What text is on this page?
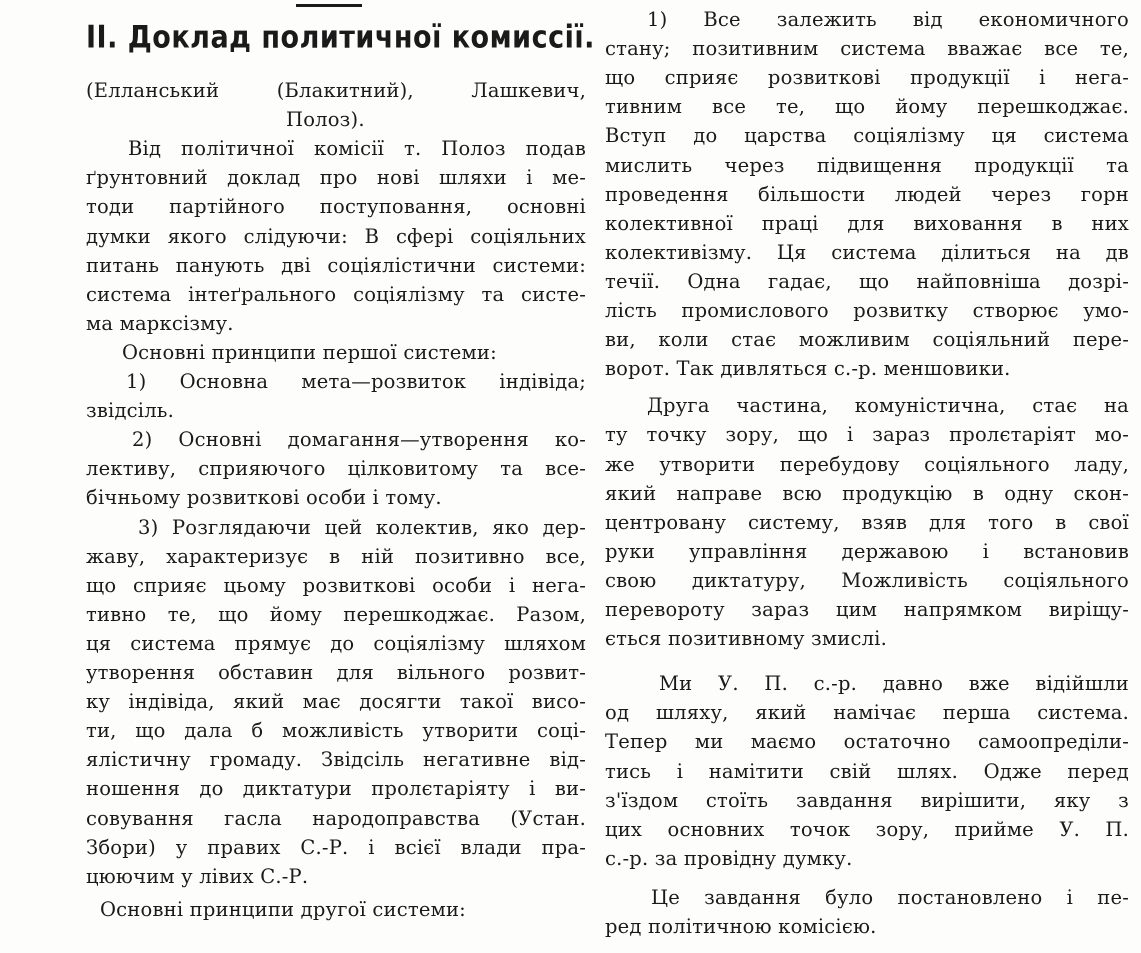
II. Доклад политичної комиссії.
(Елланський (Блакитний), Лашкевич,
Полоз).
Від політичної комісії т. Полоз подав
ґрунтовний доклад про нові шляхи і ме-
тоди партійного поступовання, основні
думки якого слідуючи: В сфері соціяльних
питань панують дві соціялістични системи:
система інтеґрального соціялізму та систе-
ма марксізму.
Основні принципи першої системи:
1) Основна мета—розвиток індівіда;
звідсіль.
2) Основні домагання—утворення ко-
лективу, сприяючого цілковитому та все-
бічньому розвиткові особи і тому.
3) Розглядаючи цей колектив, яко дер-
жаву, характеризує в ній позитивно все,
що сприяє цьому розвиткові особи і нега-
тивно те, що йому перешкоджає. Разом,
ця система прямує до соціялізму шляхом
утворення обставин для вільного розвит-
ку індівіда, який має досягти такої висо-
ти, що дала б можливість утворити соці-
ялістичну громаду. Звідсіль негативне від-
ношення до диктатури пролєтаріяту і ви-
совування гасла народоправства (Устан.
Збори) у правих С.-Р. і всієї влади пра-
цюючим у лівих С.-Р.
Основні принципи другої системи:
1) Все залежить від економичного
стану; позитивним система вважає все те,
що сприяє розвиткові продукції і нега-
тивним все те, що йому перешкоджає.
Вступ до царства соціялізму ця система
мислить через підвищення продукції та
проведення більшости людей через горн
колективної праці для виховання в них
колективізму. Ця система ділиться на дв
течії. Одна гадає, що найповніша дозрі-
лість промислового розвитку створює умо-
ви, коли стає можливим соціяльний пере-
ворот. Так дивляться с.-р. меншовики.
Друга частина, комуністична, стає на
ту точку зору, що і зараз пролєтаріят мо-
же утворити перебудову соціяльного ладу,
який направе всю продукцію в одну скон-
центровану систему, взяв для того в свої
руки управління державою і встановив
свою диктатуру, Можливість соціяльного
перевороту зараз цим напрямком виріщу-
ється позитивному змислі.
Ми У. П. с.-р. давно вже відійшли
од шляху, який намічає перша система.
Тепер ми маємо остаточно самоопреділи-
тись і намітити свій шлях. Одже перед
з'їздом стоїть завдання вирішити, яку з
цих основних точок зору, прийме У. П.
с.-р. за провідну думку.
Це завдання було постановлено і пе-
ред політичною комісією.
